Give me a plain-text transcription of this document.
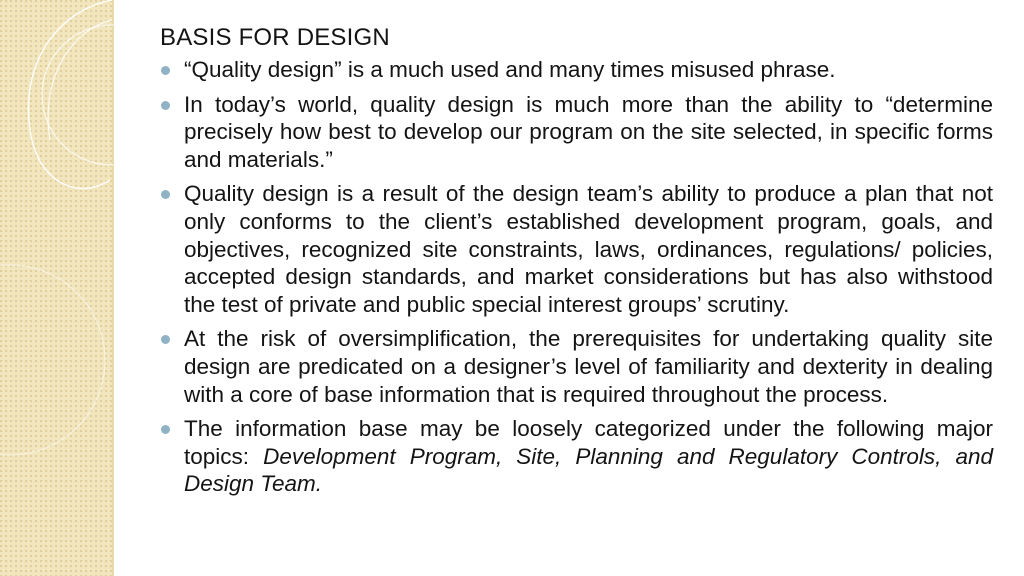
BASIS FOR DESIGN
“Quality design” is a much used and many times misused phrase.
In today’s world, quality design is much more than the ability to “determine precisely how best to develop our program on the site selected, in specific forms and materials.”
Quality design is a result of the design team’s ability to produce a plan that not only conforms to the client’s established development program, goals, and objectives, recognized site constraints, laws, ordinances, regulations/ policies, accepted design standards, and market considerations but has also withstood the test of private and public special interest groups’ scrutiny.
At the risk of oversimplification, the prerequisites for undertaking quality site design are predicated on a designer’s level of familiarity and dexterity in dealing with a core of base information that is required throughout the process.
The information base may be loosely categorized under the following major topics: Development Program, Site, Planning and Regulatory Controls, and Design Team.
